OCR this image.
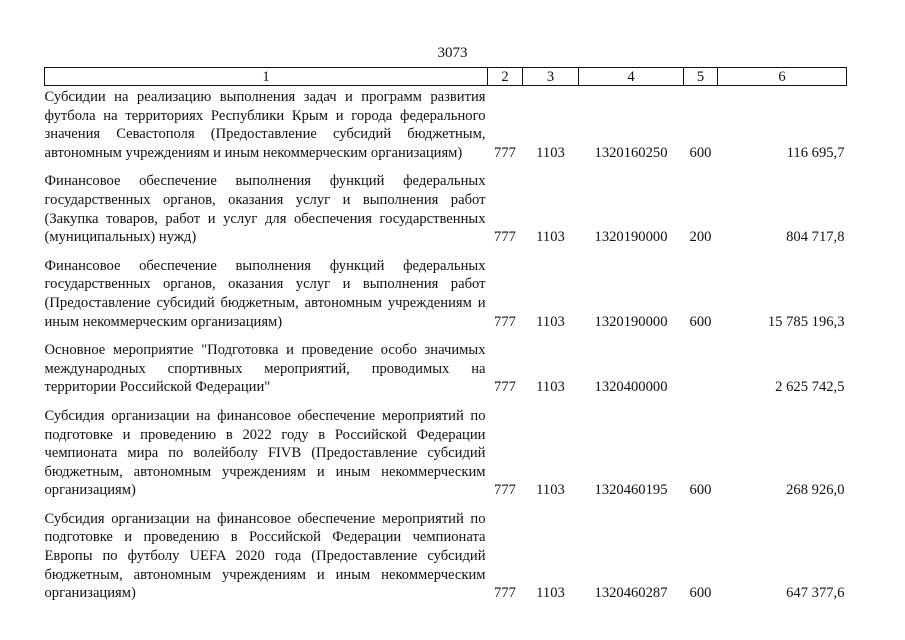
3073
1	2	3	4	5	6
Субсидии на реализацию выполнения задач и программ развития футбола на территориях Республики Крым и города федерального значения Севастополя (Предоставление субсидий бюджетным, автономным учреждениям и иным некоммерческим организациям)	777	1103	1320160250	600	116 695,7
Финансовое обеспечение выполнения функций федеральных государственных органов, оказания услуг и выполнения работ (Закупка товаров, работ и услуг для обеспечения государственных (муниципальных) нужд)	777	1103	1320190000	200	804 717,8
Финансовое обеспечение выполнения функций федеральных государственных органов, оказания услуг и выполнения работ (Предоставление субсидий бюджетным, автономным учреждениям и иным некоммерческим организациям)	777	1103	1320190000	600	15 785 196,3
Основное мероприятие "Подготовка и проведение особо значимых международных спортивных мероприятий, проводимых на территории Российской Федерации"	777	1103	1320400000		2 625 742,5
Субсидия организации на финансовое обеспечение мероприятий по подготовке и проведению в 2022 году в Российской Федерации чемпионата мира по волейболу FIVB (Предоставление субсидий бюджетным, автономным учреждениям и иным некоммерческим организациям)	777	1103	1320460195	600	268 926,0
Субсидия организации на финансовое обеспечение мероприятий по подготовке и проведению в Российской Федерации чемпионата Европы по футболу UEFA 2020 года (Предоставление субсидий бюджетным, автономным учреждениям и иным некоммерческим организациям)	777	1103	1320460287	600	647 377,6
